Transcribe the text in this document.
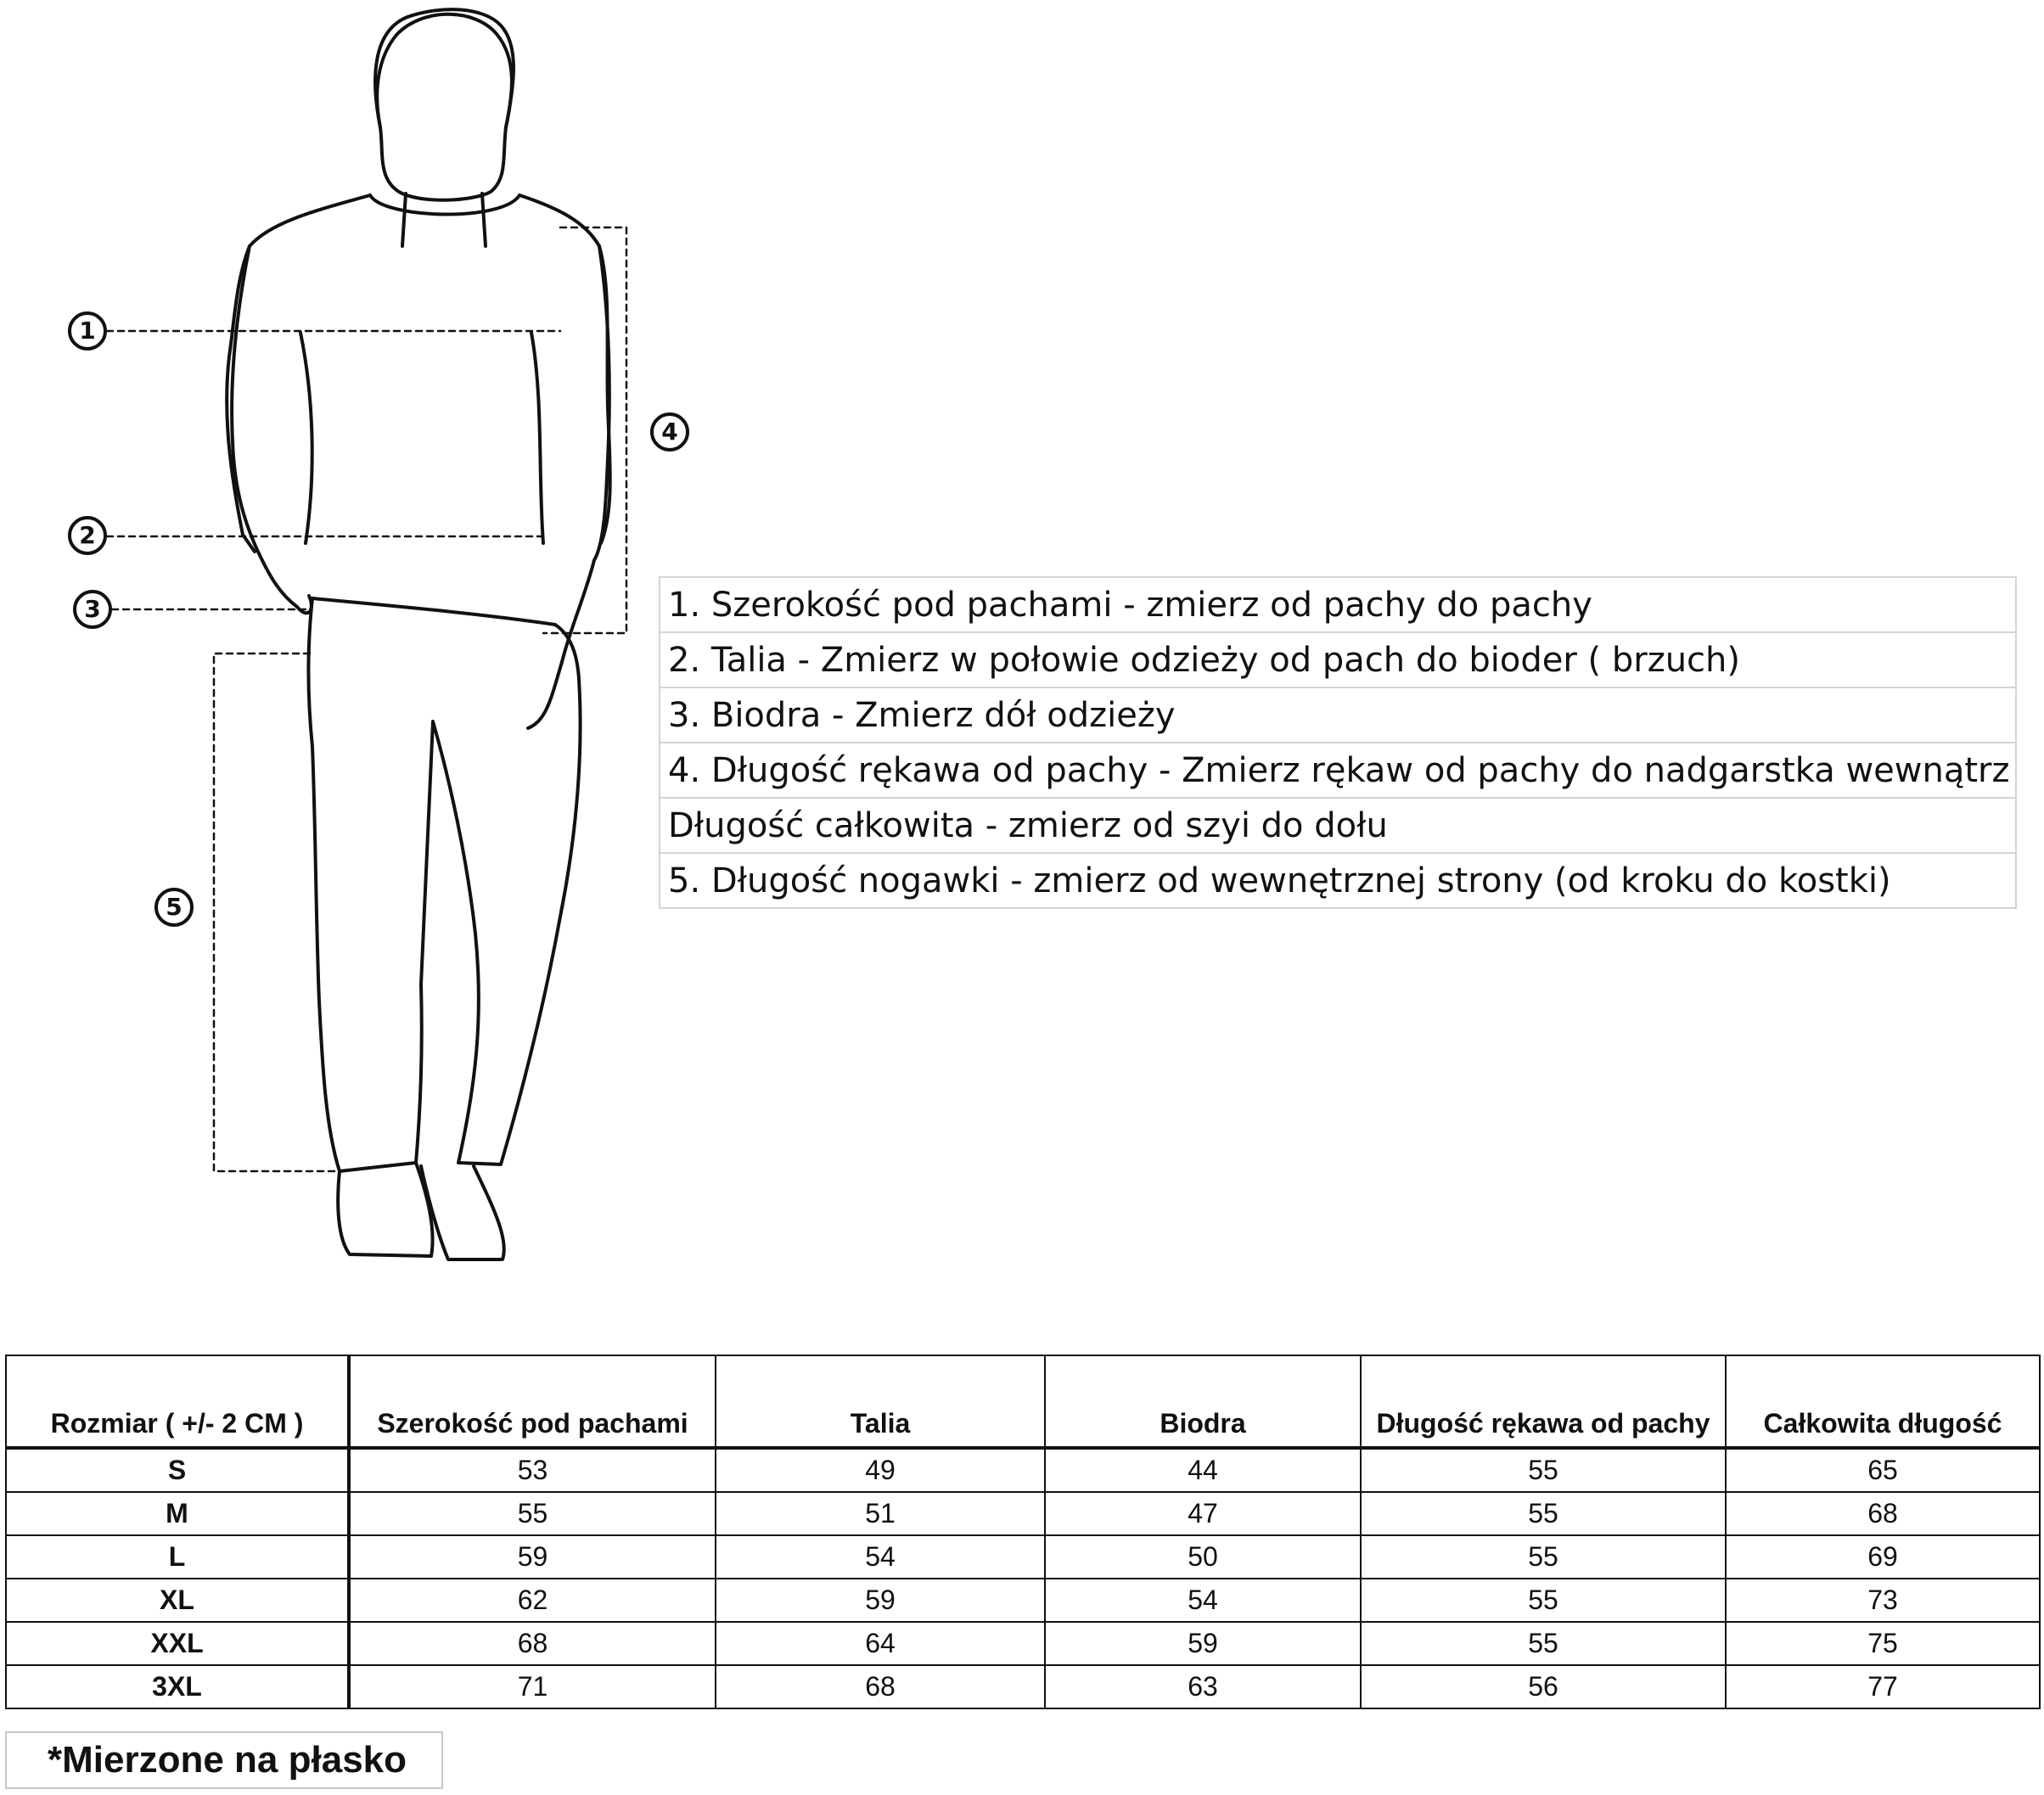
1
2
3
4
5
1. Szerokość pod pachami - zmierz od pachy do pachy
2. Talia - Zmierz w połowie odzieży od pach do bioder ( brzuch)
3. Biodra - Zmierz dół odzieży
4. Długość rękawa od pachy - Zmierz rękaw od pachy do nadgarstka wewnątrz
Długość całkowita - zmierz od szyi do dołu
5. Długość nogawki - zmierz od wewnętrznej strony (od kroku do kostki)
Rozmiar ( +/- 2 CM )	Szerokość pod pachami	Talia	Biodra	Długość rękawa od pachy	Całkowita długość
S	53	49	44	55	65
M	55	51	47	55	68
L	59	54	50	55	69
XL	62	59	54	55	73
XXL	68	64	59	55	75
3XL	71	68	63	56	77
*Mierzone na płasko
